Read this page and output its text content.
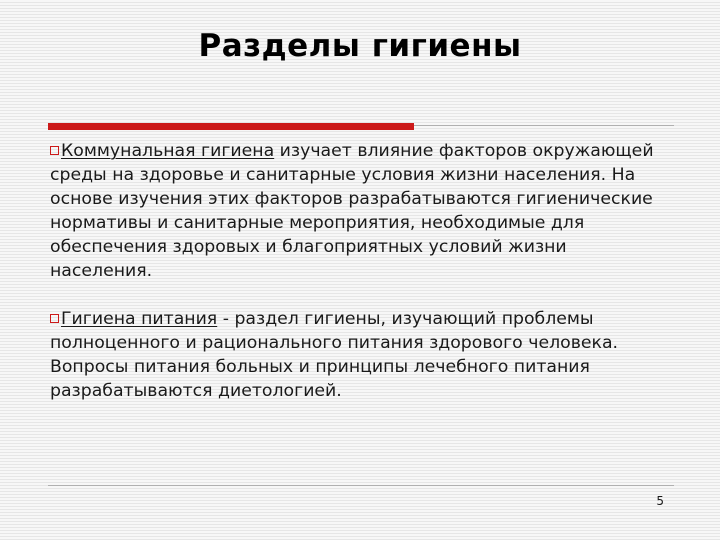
Разделы гигиены

Коммунальная гигиена изучает влияние факторов окружающей среды на здоровье и санитарные условия жизни населения. На основе изучения этих факторов разрабатываются гигиенические нормативы и санитарные мероприятия, необходимые для обеспечения здоровых и благоприятных условий жизни населения.

Гигиена питания - раздел гигиены, изучающий проблемы полноценного и рационального питания здорового человека. Вопросы питания больных и принципы лечебного питания разрабатываются диетологией.

5
